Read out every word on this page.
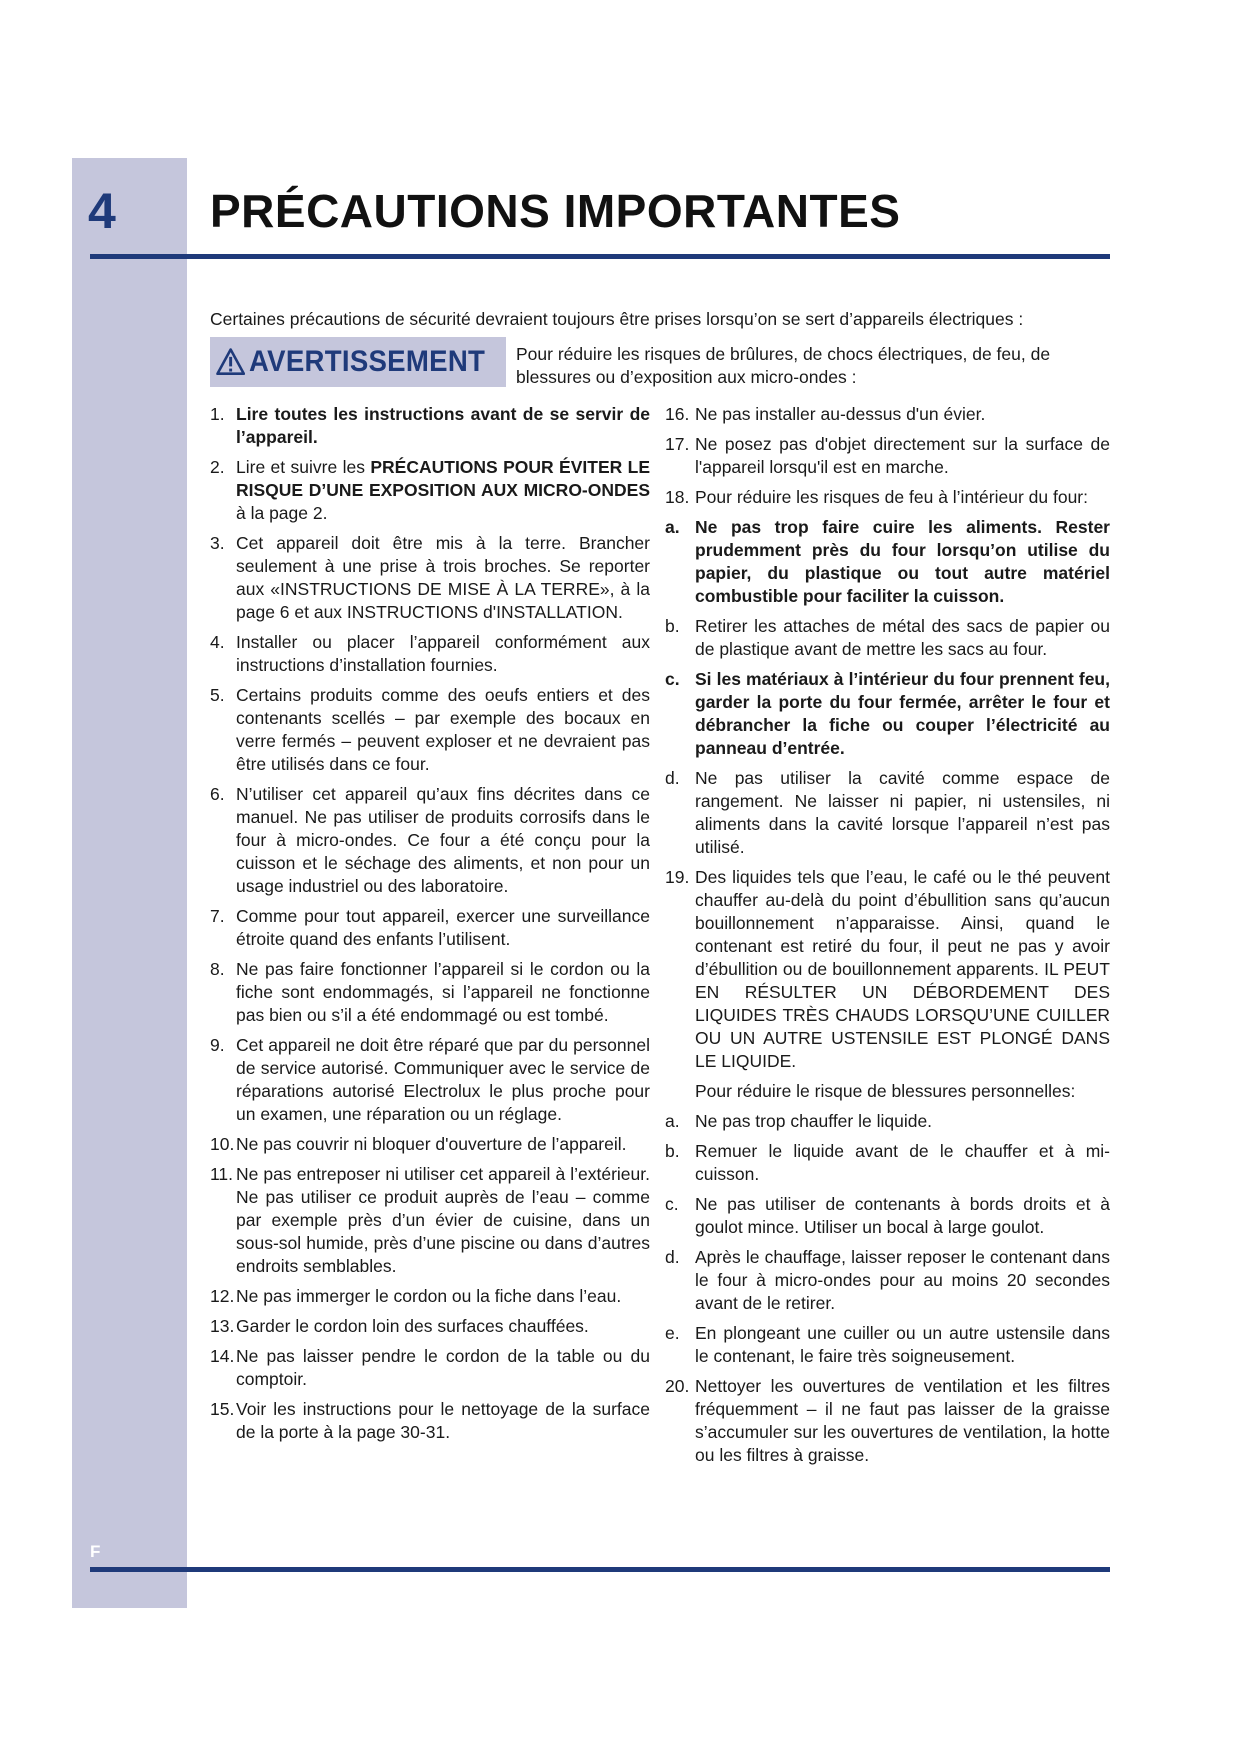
4
F
PRÉCAUTIONS IMPORTANTES
Certaines précautions de sécurité devraient toujours être prises lorsqu’on se sert d’appareils électriques :
AVERTISSEMENT Pour réduire les risques de brûlures, de chocs électriques, de feu, de blessures ou d’exposition aux micro-ondes :
1. Lire toutes les instructions avant de se servir de l’appareil.
2. Lire et suivre les PRÉCAUTIONS POUR ÉVITER LE RISQUE D’UNE EXPOSITION AUX MICRO-ONDES à la page 2.
3. Cet appareil doit être mis à la terre. Brancher seulement à une prise à trois broches. Se reporter aux «INSTRUCTIONS DE MISE À LA TERRE», à la page 6 et aux INSTRUCTIONS d'INSTALLATION.
4. Installer ou placer l’appareil conformément aux instructions d’installation fournies.
5. Certains produits comme des oeufs entiers et des contenants scellés – par exemple des bocaux en verre fermés – peuvent exploser et ne devraient pas être utilisés dans ce four.
6. N’utiliser cet appareil qu’aux fins décrites dans ce manuel. Ne pas utiliser de produits corrosifs dans le four à micro-ondes. Ce four a été conçu pour la cuisson et le séchage des aliments, et non pour un usage industriel ou des laboratoire.
7. Comme pour tout appareil, exercer une surveillance étroite quand des enfants l’utilisent.
8. Ne pas faire fonctionner l’appareil si le cordon ou la fiche sont endommagés, si l’appareil ne fonctionne pas bien ou s’il a été endommagé ou est tombé.
9. Cet appareil ne doit être réparé que par du personnel de service autorisé. Communiquer avec le service de réparations autorisé Electrolux le plus proche pour un examen, une réparation ou un réglage.
10. Ne pas couvrir ni bloquer d'ouverture de l’appareil.
11. Ne pas entreposer ni utiliser cet appareil à l’extérieur. Ne pas utiliser ce produit auprès de l’eau – comme par exemple près d’un évier de cuisine, dans un sous-sol humide, près d’une piscine ou dans d’autres endroits semblables.
12. Ne pas immerger le cordon ou la fiche dans l’eau.
13. Garder le cordon loin des surfaces chauffées.
14. Ne pas laisser pendre le cordon de la table ou du comptoir.
15. Voir les instructions pour le nettoyage de la surface de la porte à la page 30-31.
16. Ne pas installer au-dessus d'un évier.
17. Ne posez pas d'objet directement sur la surface de l'appareil lorsqu'il est en marche.
18. Pour réduire les risques de feu à l’intérieur du four:
a. Ne pas trop faire cuire les aliments. Rester prudemment près du four lorsqu’on utilise du papier, du plastique ou tout autre matériel combustible pour faciliter la cuisson.
b. Retirer les attaches de métal des sacs de papier ou de plastique avant de mettre les sacs au four.
c. Si les matériaux à l’intérieur du four prennent feu, garder la porte du four fermée, arrêter le four et débrancher la fiche ou couper l’électricité au panneau d’entrée.
d. Ne pas utiliser la cavité comme espace de rangement. Ne laisser ni papier, ni ustensiles, ni aliments dans la cavité lorsque l’appareil n’est pas utilisé.
19. Des liquides tels que l’eau, le café ou le thé peuvent chauffer au-delà du point d’ébullition sans qu’aucun bouillonnement n’apparaisse. Ainsi, quand le contenant est retiré du four, il peut ne pas y avoir d’ébullition ou de bouillonnement apparents. IL PEUT EN RÉSULTER UN DÉBORDEMENT DES LIQUIDES TRÈS CHAUDS LORSQU’UNE CUILLER OU UN AUTRE USTENSILE EST PLONGÉ DANS LE LIQUIDE.
Pour réduire le risque de blessures personnelles:
a. Ne pas trop chauffer le liquide.
b. Remuer le liquide avant de le chauffer et à mi-cuisson.
c. Ne pas utiliser de contenants à bords droits et à goulot mince. Utiliser un bocal à large goulot.
d. Après le chauffage, laisser reposer le contenant dans le four à micro-ondes pour au moins 20 secondes avant de le retirer.
e. En plongeant une cuiller ou un autre ustensile dans le contenant, le faire très soigneusement.
20. Nettoyer les ouvertures de ventilation et les filtres fréquemment – il ne faut pas laisser de la graisse s’accumuler sur les ouvertures de ventilation, la hotte ou les filtres à graisse.
